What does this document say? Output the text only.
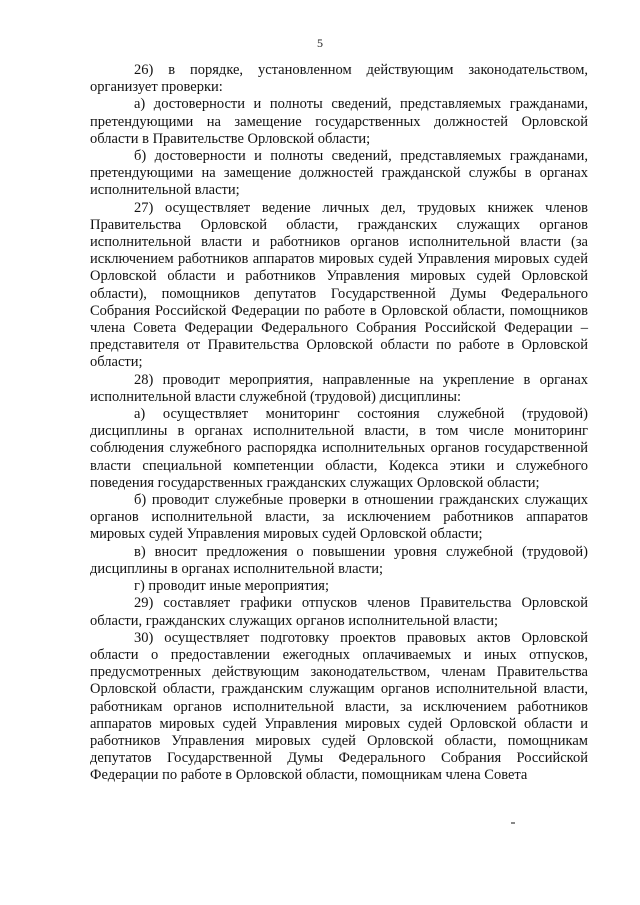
5

26) в порядке, установленном действующим законодательством, организует проверки:

а) достоверности и полноты сведений, представляемых гражданами, претендующими на замещение государственных должностей Орловской области в Правительстве Орловской области;

б) достоверности и полноты сведений, представляемых гражданами, претендующими на замещение должностей гражданской службы в органах исполнительной власти;

27) осуществляет ведение личных дел, трудовых книжек членов Правительства Орловской области, гражданских служащих органов исполнительной власти и работников органов исполнительной власти (за исключением работников аппаратов мировых судей Управления мировых судей Орловской области и работников Управления мировых судей Орловской области), помощников депутатов Государственной Думы Федерального Собрания Российской Федерации по работе в Орловской области, помощников члена Совета Федерации Федерального Собрания Российской Федерации – представителя от Правительства Орловской области по работе в Орловской области;

28) проводит мероприятия, направленные на укрепление в органах исполнительной власти служебной (трудовой) дисциплины:

а) осуществляет мониторинг состояния служебной (трудовой) дисциплины в органах исполнительной власти, в том числе мониторинг соблюдения служебного распорядка исполнительных органов государственной власти специальной компетенции области, Кодекса этики и служебного поведения государственных гражданских служащих Орловской области;

б) проводит служебные проверки в отношении гражданских служащих органов исполнительной власти, за исключением работников аппаратов мировых судей Управления мировых судей Орловской области;

в) вносит предложения о повышении уровня служебной (трудовой) дисциплины в органах исполнительной власти;

г) проводит иные мероприятия;

29) составляет графики отпусков членов Правительства Орловской области, гражданских служащих органов исполнительной власти;

30) осуществляет подготовку проектов правовых актов Орловской области о предоставлении ежегодных оплачиваемых и иных отпусков, предусмотренных действующим законодательством, членам Правительства Орловской области, гражданским служащим органов исполнительной власти, работникам органов исполнительной власти, за исключением работников аппаратов мировых судей Управления мировых судей Орловской области и работников Управления мировых судей Орловской области, помощникам депутатов Государственной Думы Федерального Собрания Российской Федерации по работе в Орловской области, помощникам члена Совета
